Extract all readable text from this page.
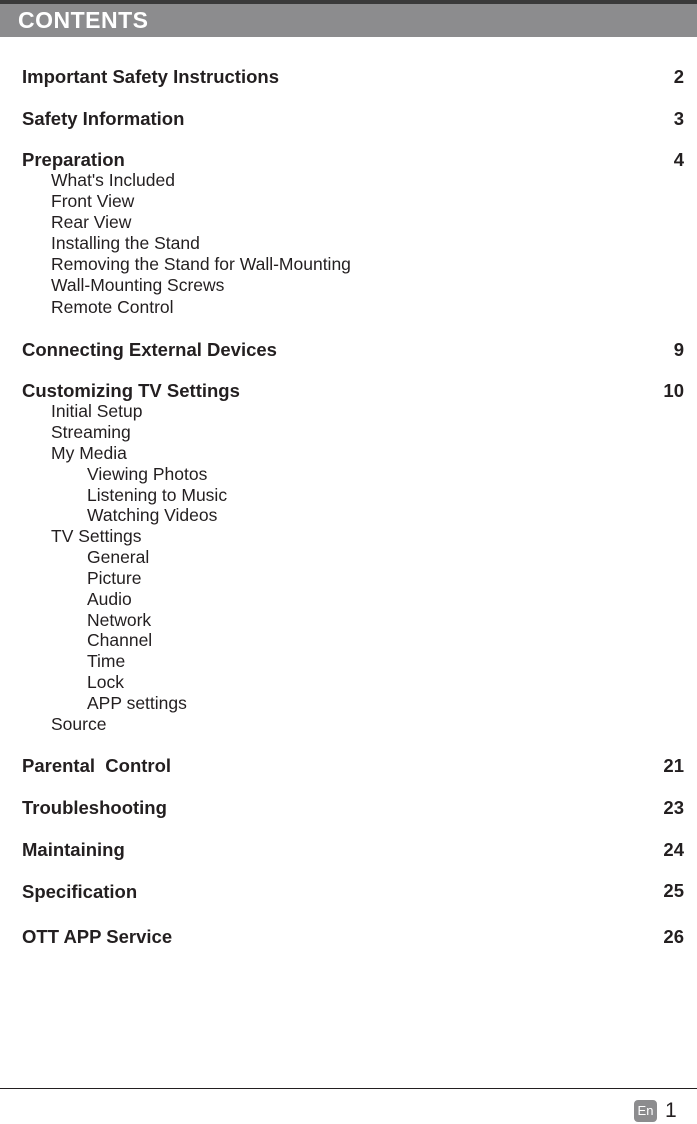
CONTENTS
Important Safety Instructions	2
Safety Information	3
Preparation	4
What's Included
Front View
Rear View
Installing the Stand
Removing the Stand for Wall-Mounting
Wall-Mounting Screws
Remote Control
Connecting External Devices	9
Customizing TV Settings	10
Initial Setup
Streaming
My Media
Viewing Photos
Listening to Music
Watching Videos
TV Settings
General
Picture
Audio
Network
Channel
Time
Lock
APP settings
Source
Parental  Control	21
Troubleshooting	23
Maintaining	24
Specification	25
OTT APP Service	26
En 1
